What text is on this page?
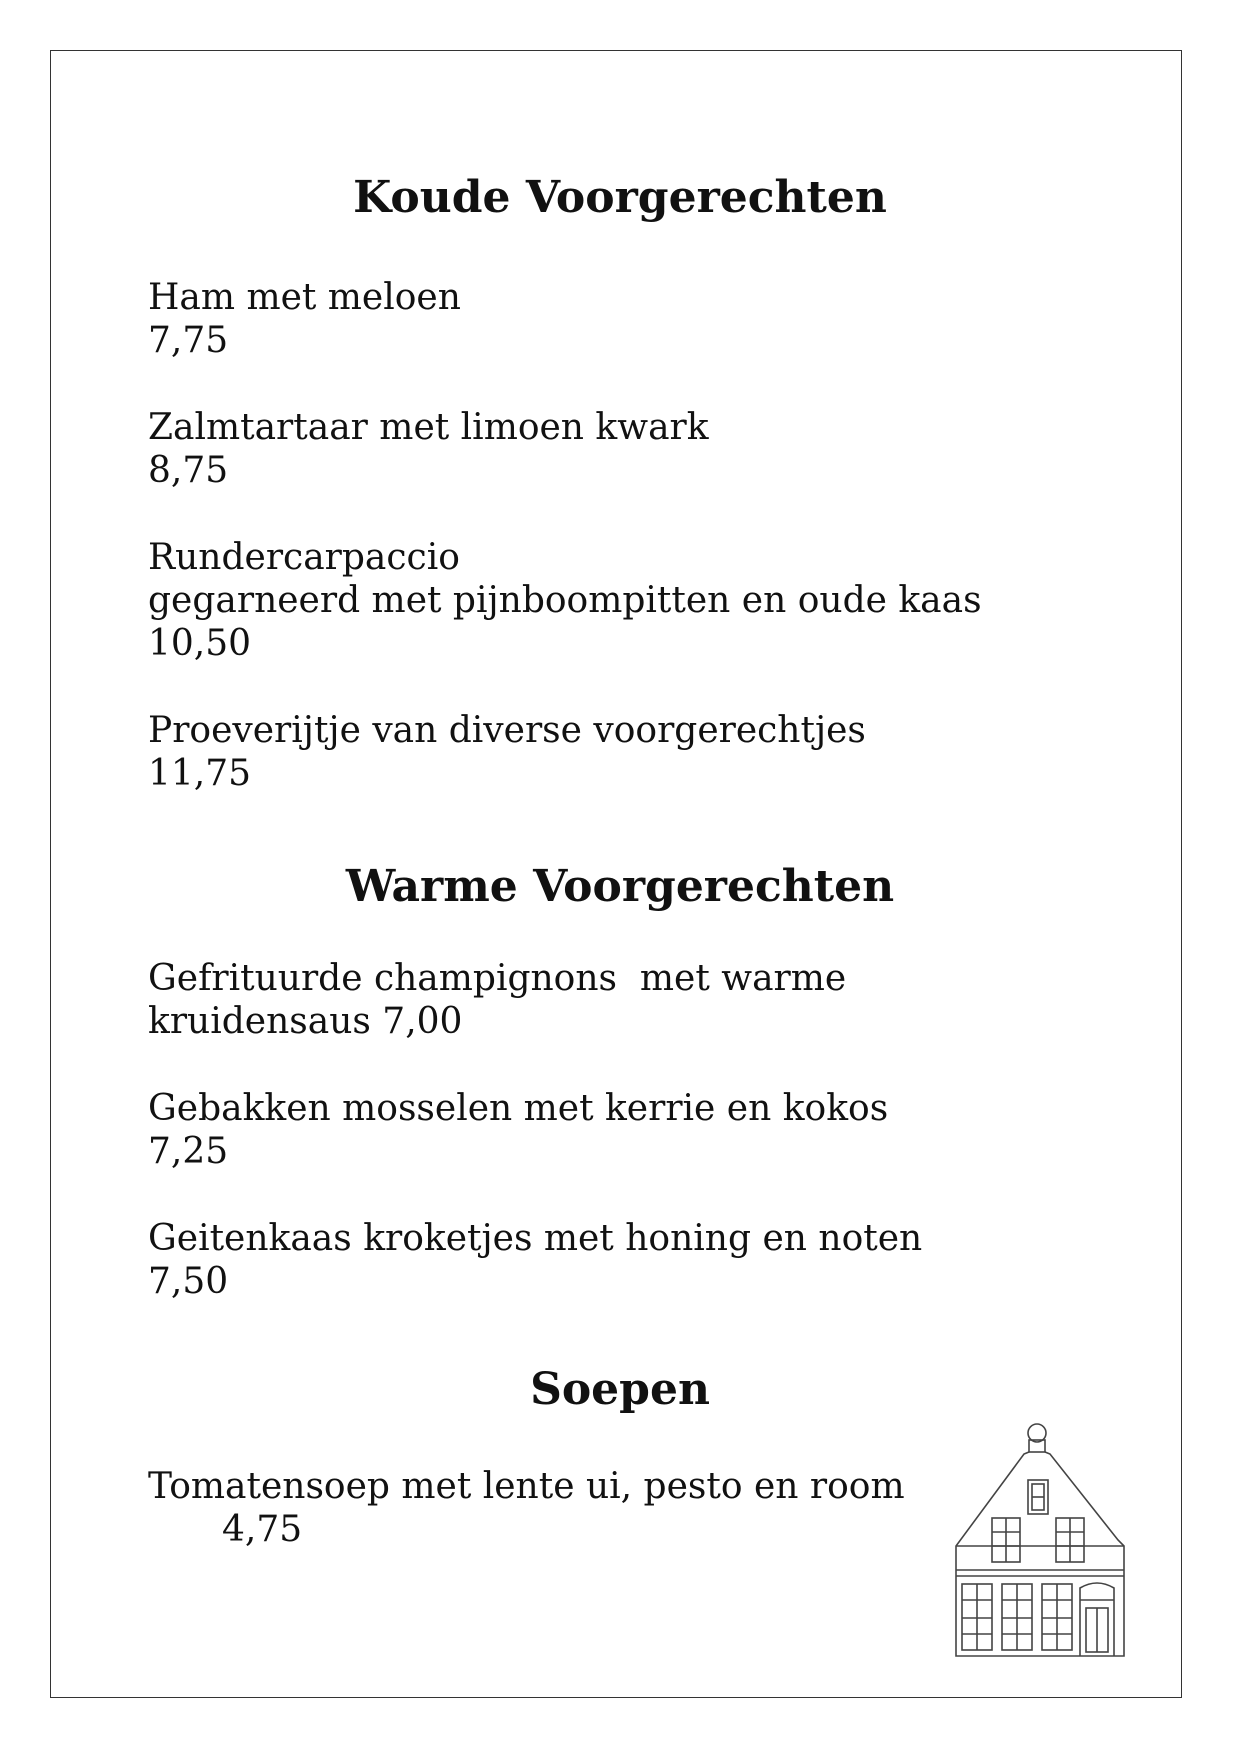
Koude Voorgerechten
Ham met meloen
7,75
Zalmtartaar met limoen kwark
8,75
Rundercarpaccio
gegarneerd met pijnboompitten en oude kaas
10,50
Proeverijtje van diverse voorgerechtjes
11,75
Warme Voorgerechten
Gefrituurde champignons  met warme
kruidensaus 7,00
Gebakken mosselen met kerrie en kokos
7,25
Geitenkaas kroketjes met honing en noten
7,50
Soepen
Tomatensoep met lente ui, pesto en room
4,75
